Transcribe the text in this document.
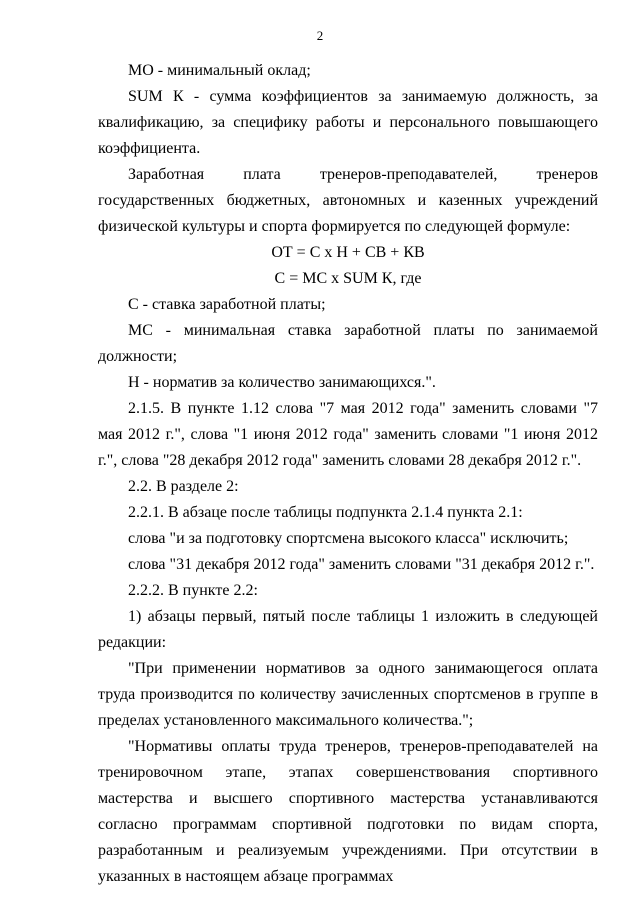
2

МО - минимальный оклад;

SUM К - сумма коэффициентов за занимаемую должность, за квалификацию, за специфику работы и персонального повышающего коэффициента.

Заработная плата тренеров-преподавателей, тренеров государственных бюджетных, автономных и казенных учреждений физической культуры и спорта формируется по следующей формуле:

ОТ = С х Н + СВ + КВ

С = МС х SUM К, где

С - ставка заработной платы;

МС - минимальная ставка заработной платы по занимаемой должности;

Н - норматив за количество занимающихся.".

2.1.5. В пункте 1.12 слова "7 мая 2012 года" заменить словами "7 мая 2012 г.", слова "1 июня 2012 года" заменить словами "1 июня 2012 г.", слова "28 декабря 2012 года" заменить словами 28 декабря 2012 г.".

2.2. В разделе 2:

2.2.1. В абзаце после таблицы подпункта 2.1.4 пункта 2.1:

слова "и за подготовку спортсмена высокого класса" исключить;

слова "31 декабря 2012 года" заменить словами "31 декабря 2012 г.".

2.2.2. В пункте 2.2:

1) абзацы первый, пятый после таблицы 1 изложить в следующей редакции:

"При применении нормативов за одного занимающегося оплата труда производится по количеству зачисленных спортсменов в группе в пределах установленного максимального количества.";

"Нормативы оплаты труда тренеров, тренеров-преподавателей на тренировочном этапе, этапах совершенствования спортивного мастерства и высшего спортивного мастерства устанавливаются согласно программам спортивной подготовки по видам спорта, разработанным и реализуемым учреждениями. При отсутствии в указанных в настоящем абзаце программах
